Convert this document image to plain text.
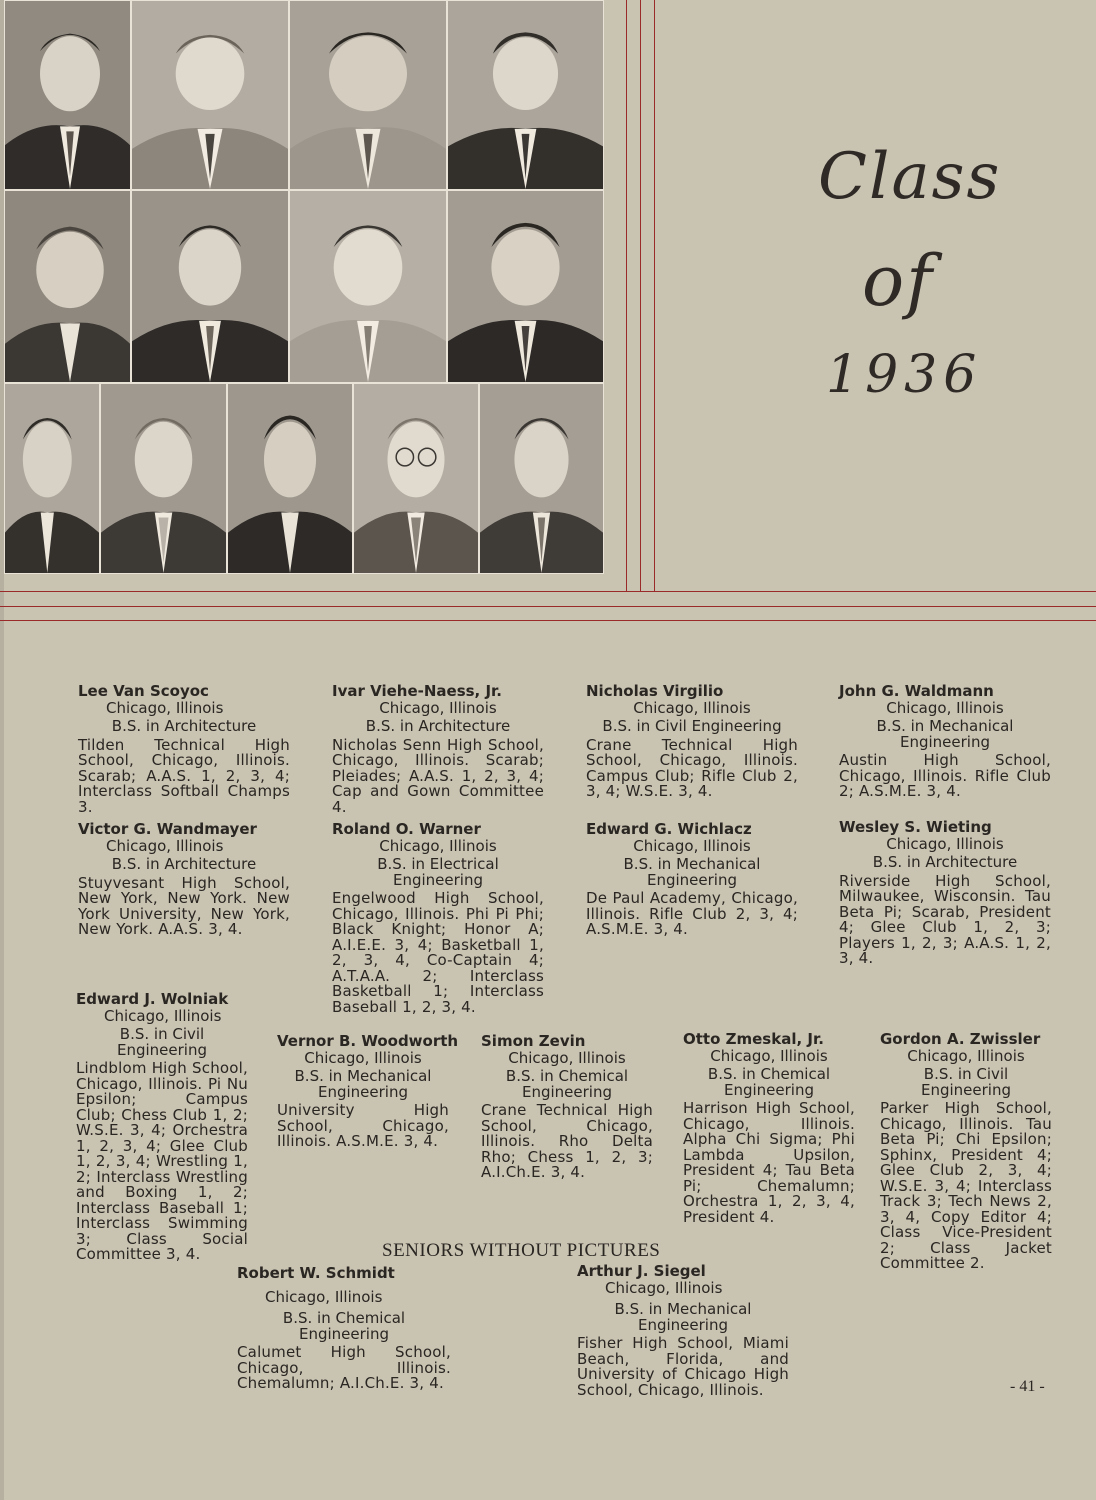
Class
of
1936
Lee Van Scoyoc
Chicago, Illinois
B.S. in Architecture
Tilden Technical High School, Chicago, Illinois. Scarab; A.A.S. 1, 2, 3, 4; Interclass Softball Champs 3.
Ivar Viehe-Naess, Jr.
Chicago, Illinois
B.S. in Architecture
Nicholas Senn High School, Chicago, Illinois. Scarab; Pleiades; A.A.S. 1, 2, 3, 4; Cap and Gown Committee 4.
Nicholas Virgilio
Chicago, Illinois
B.S. in Civil Engineering
Crane Technical High School, Chicago, Illinois. Campus Club; Rifle Club 2, 3, 4; W.S.E. 3, 4.
John G. Waldmann
Chicago, Illinois
B.S. in Mechanical Engineering
Austin High School, Chicago, Illinois. Rifle Club 2; A.S.M.E. 3, 4.
Victor G. Wandmayer
Chicago, Illinois
B.S. in Architecture
Stuyvesant High School, New York, New York. New York University, New York, New York. A.A.S. 3, 4.
Roland O. Warner
Chicago, Illinois
B.S. in Electrical Engineering
Engelwood High School, Chicago, Illinois. Phi Pi Phi; Black Knight; Honor A; A.I.E.E. 3, 4; Basketball 1, 2, 3, 4, Co-Captain 4; A.T.A.A. 2; Interclass Basketball 1; Interclass Baseball 1, 2, 3, 4.
Edward G. Wichlacz
Chicago, Illinois
B.S. in Mechanical Engineering
De Paul Academy, Chicago, Illinois. Rifle Club 2, 3, 4; A.S.M.E. 3, 4.
Wesley S. Wieting
Chicago, Illinois
B.S. in Architecture
Riverside High School, Milwaukee, Wisconsin. Tau Beta Pi; Scarab, President 4; Glee Club 1, 2, 3; Players 1, 2, 3; A.A.S. 1, 2, 3, 4.
Edward J. Wolniak
Chicago, Illinois
B.S. in Civil Engineering
Lindblom High School, Chicago, Illinois. Pi Nu Epsilon; Campus Club; Chess Club 1, 2; W.S.E. 3, 4; Orchestra 1, 2, 3, 4; Glee Club 1, 2, 3, 4; Wrestling 1, 2; Interclass Wrestling and Boxing 1, 2; Interclass Baseball 1; Interclass Swimming 3; Class Social Committee 3, 4.
Vernor B. Woodworth
Chicago, Illinois
B.S. in Mechanical Engineering
University High School, Chicago, Illinois. A.S.M.E. 3, 4.
Simon Zevin
Chicago, Illinois
B.S. in Chemical Engineering
Crane Technical High School, Chicago, Illinois. Rho Delta Rho; Chess 1, 2, 3; A.I.Ch.E. 3, 4.
Otto Zmeskal, Jr.
Chicago, Illinois
B.S. in Chemical Engineering
Harrison High School, Chicago, Illinois. Alpha Chi Sigma; Phi Lambda Upsilon, President 4; Tau Beta Pi; Chemalumn; Orchestra 1, 2, 3, 4, President 4.
Gordon A. Zwissler
Chicago, Illinois
B.S. in Civil Engineering
Parker High School, Chicago, Illinois. Tau Beta Pi; Chi Epsilon; Sphinx, President 4; Glee Club 2, 3, 4; W.S.E. 3, 4; Interclass Track 3; Tech News 2, 3, 4, Copy Editor 4; Class Vice-President 2; Class Jacket Committee 2.
SENIORS WITHOUT PICTURES
Robert W. Schmidt
Chicago, Illinois
B.S. in Chemical Engineering
Calumet High School, Chicago, Illinois. Chemalumn; A.I.Ch.E. 3, 4.
Arthur J. Siegel
Chicago, Illinois
B.S. in Mechanical Engineering
Fisher High School, Miami Beach, Florida, and University of Chicago High School, Chicago, Illinois.	- 41 -
